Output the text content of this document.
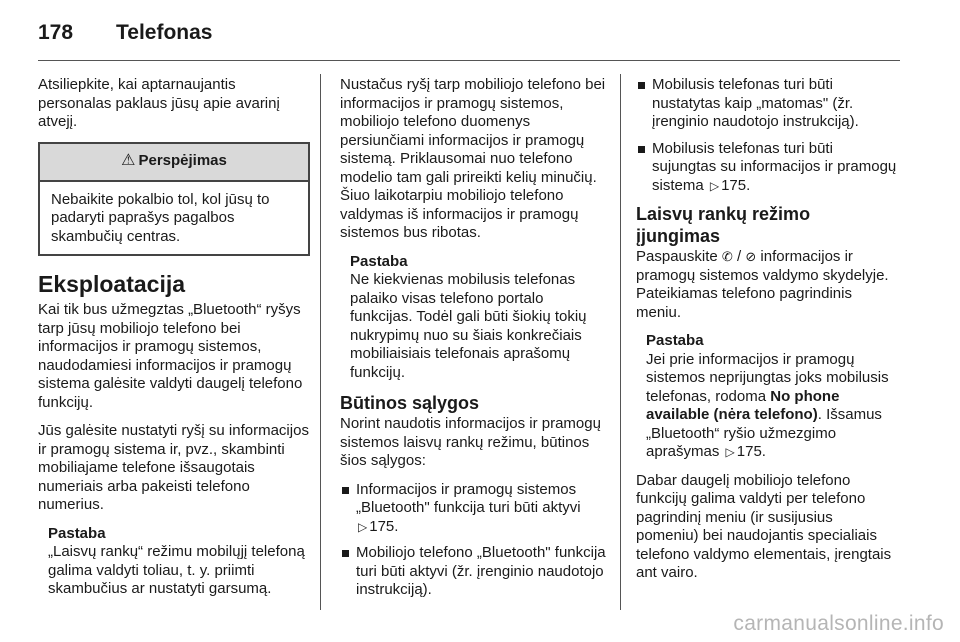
178	Telefonas

Atsiliepkite, kai aptarnaujantis personalas paklaus jūsų apie avarinį atvejį.

⚠ Perspėjimas
Nebaikite pokalbio tol, kol jūsų to padaryti paprašys pagalbos skambučių centras.
Eksploatacija

Kai tik bus užmegztas „Bluetooth“ ryšys tarp jūsų mobiliojo telefono bei informacijos ir pramogų sistemos, naudodamiesi informacijos ir pramogų sistema galėsite valdyti daugelį telefono funkcijų.

Jūs galėsite nustatyti ryšį su informacijos ir pramogų sistema ir, pvz., skambinti mobiliajame telefone išsaugotais numeriais arba pakeisti telefono numerius.

Pastaba
„Laisvų rankų“ režimu mobilųjį telefoną galima valdyti toliau, t. y. priimti skambučius ar nustatyti garsumą.

Nustačus ryšį tarp mobiliojo telefono bei informacijos ir pramogų sistemos, mobiliojo telefono duomenys persiunčiami informacijos ir pramogų sistemą. Priklausomai nuo telefono modelio tam gali prireikti kelių minučių. Šiuo laikotarpiu mobiliojo telefono valdymas iš informacijos ir pramogų sistemos bus ribotas.

Pastaba
Ne kiekvienas mobilusis telefonas palaiko visas telefono portalo funkcijas. Todėl gali būti šiokių tokių nukrypimų nuo su šiais konkrečiais mobiliaisiais telefonais aprašomų funkcijų.
Būtinos sąlygos

Norint naudotis informacijos ir pramogų sistemos laisvų rankų režimu, būtinos šios sąlygos:

Informacijos ir pramogų sistemos „Bluetooth" funkcija turi būti aktyvi
▷ 175.
Mobiliojo telefono „Bluetooth" funkcija turi būti aktyvi (žr. įrenginio naudotojo instrukciją).
Mobilusis telefonas turi būti nustatytas kaip „matomas" (žr. įrenginio naudotojo instrukciją).
Mobilusis telefonas turi būti sujungtas su informacijos ir pramogų sistema ▷ 175.
Laisvų rankų režimo įjungimas

Paspauskite ✆ / ⊘ informacijos ir pramogų sistemos valdymo skydelyje. Pateikiamas telefono pagrindinis meniu.

Pastaba
Jei prie informacijos ir pramogų sistemos neprijungtas joks mobilusis telefonas, rodoma No phone available (nėra telefono). Išsamus „Bluetooth“ ryšio užmezgimo aprašymas ▷ 175.

Dabar daugelį mobiliojo telefono funkcijų galima valdyti per telefono pagrindinį meniu (ir susijusius pomeniu) bei naudojantis specialiais telefono valdymo elementais, įrengtais ant vairo.

carmanualsonline.info
